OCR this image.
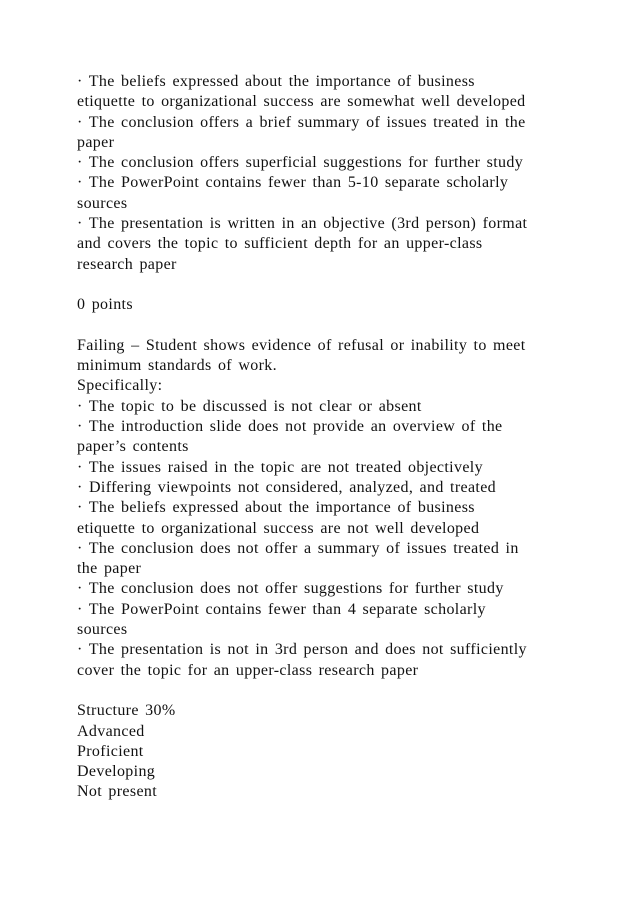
· The beliefs expressed about the importance of business
etiquette to organizational success are somewhat well developed
· The conclusion offers a brief summary of issues treated in the
paper
· The conclusion offers superficial suggestions for further study
· The PowerPoint contains fewer than 5-10 separate scholarly
sources
· The presentation is written in an objective (3rd person) format
and covers the topic to sufficient depth for an upper-class
research paper
0 points
Failing – Student shows evidence of refusal or inability to meet
minimum standards of work.
Specifically:
· The topic to be discussed is not clear or absent
· The introduction slide does not provide an overview of the
paper’s contents
· The issues raised in the topic are not treated objectively
· Differing viewpoints not considered, analyzed, and treated
· The beliefs expressed about the importance of business
etiquette to organizational success are not well developed
· The conclusion does not offer a summary of issues treated in
the paper
· The conclusion does not offer suggestions for further study
· The PowerPoint contains fewer than 4 separate scholarly
sources
· The presentation is not in 3rd person and does not sufficiently
cover the topic for an upper-class research paper
Structure 30%
Advanced
Proficient
Developing
Not present
